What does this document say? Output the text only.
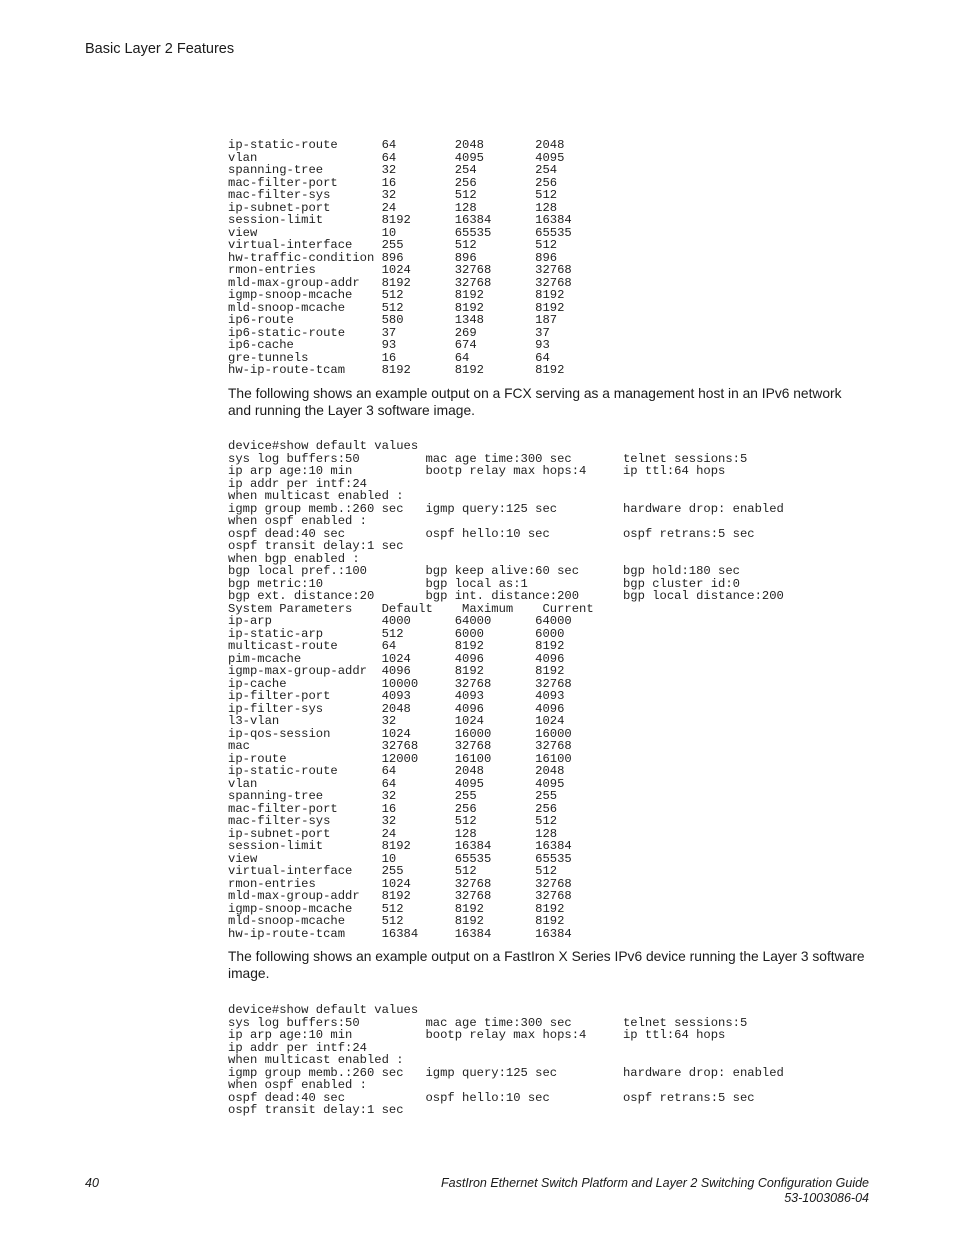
Basic Layer 2 Features
ip-static-route      64        2048       2048
vlan                 64        4095       4095
spanning-tree        32        254        254
mac-filter-port      16        256        256
mac-filter-sys       32        512        512
ip-subnet-port       24        128        128
session-limit        8192      16384      16384
view                 10        65535      65535
virtual-interface    255       512        512
hw-traffic-condition 896       896        896
rmon-entries         1024      32768      32768
mld-max-group-addr   8192      32768      32768
igmp-snoop-mcache    512       8192       8192
mld-snoop-mcache     512       8192       8192
ip6-route            580       1348       187
ip6-static-route     37        269        37
ip6-cache            93        674        93
gre-tunnels          16        64         64
hw-ip-route-tcam     8192      8192       8192

The following shows an example output on a FCX serving as a management host in an IPv6 network and running the Layer 3 software image.

device#show default values
sys log buffers:50         mac age time:300 sec       telnet sessions:5
ip arp age:10 min          bootp relay max hops:4     ip ttl:64 hops
ip addr per intf:24
when multicast enabled :
igmp group memb.:260 sec   igmp query:125 sec         hardware drop: enabled
when ospf enabled :
ospf dead:40 sec           ospf hello:10 sec          ospf retrans:5 sec
ospf transit delay:1 sec
when bgp enabled :
bgp local pref.:100        bgp keep alive:60 sec      bgp hold:180 sec
bgp metric:10              bgp local as:1             bgp cluster id:0
bgp ext. distance:20       bgp int. distance:200      bgp local distance:200
System Parameters    Default    Maximum    Current
ip-arp               4000      64000      64000
ip-static-arp        512       6000       6000
multicast-route      64        8192       8192
pim-mcache           1024      4096       4096
igmp-max-group-addr  4096      8192       8192
ip-cache             10000     32768      32768
ip-filter-port       4093      4093       4093
ip-filter-sys        2048      4096       4096
l3-vlan              32        1024       1024
ip-qos-session       1024      16000      16000
mac                  32768     32768      32768
ip-route             12000     16100      16100
ip-static-route      64        2048       2048
vlan                 64        4095       4095
spanning-tree        32        255        255
mac-filter-port      16        256        256
mac-filter-sys       32        512        512
ip-subnet-port       24        128        128
session-limit        8192      16384      16384
view                 10        65535      65535
virtual-interface    255       512        512
rmon-entries         1024      32768      32768
mld-max-group-addr   8192      32768      32768
igmp-snoop-mcache    512       8192       8192
mld-snoop-mcache     512       8192       8192
hw-ip-route-tcam     16384     16384      16384

The following shows an example output on a FastIron X Series IPv6 device running the Layer 3 software image.

device#show default values
sys log buffers:50         mac age time:300 sec       telnet sessions:5
ip arp age:10 min          bootp relay max hops:4     ip ttl:64 hops
ip addr per intf:24
when multicast enabled :
igmp group memb.:260 sec   igmp query:125 sec         hardware drop: enabled
when ospf enabled :
ospf dead:40 sec           ospf hello:10 sec          ospf retrans:5 sec
ospf transit delay:1 sec
40	FastIron Ethernet Switch Platform and Layer 2 Switching Configuration Guide
53-1003086-04
